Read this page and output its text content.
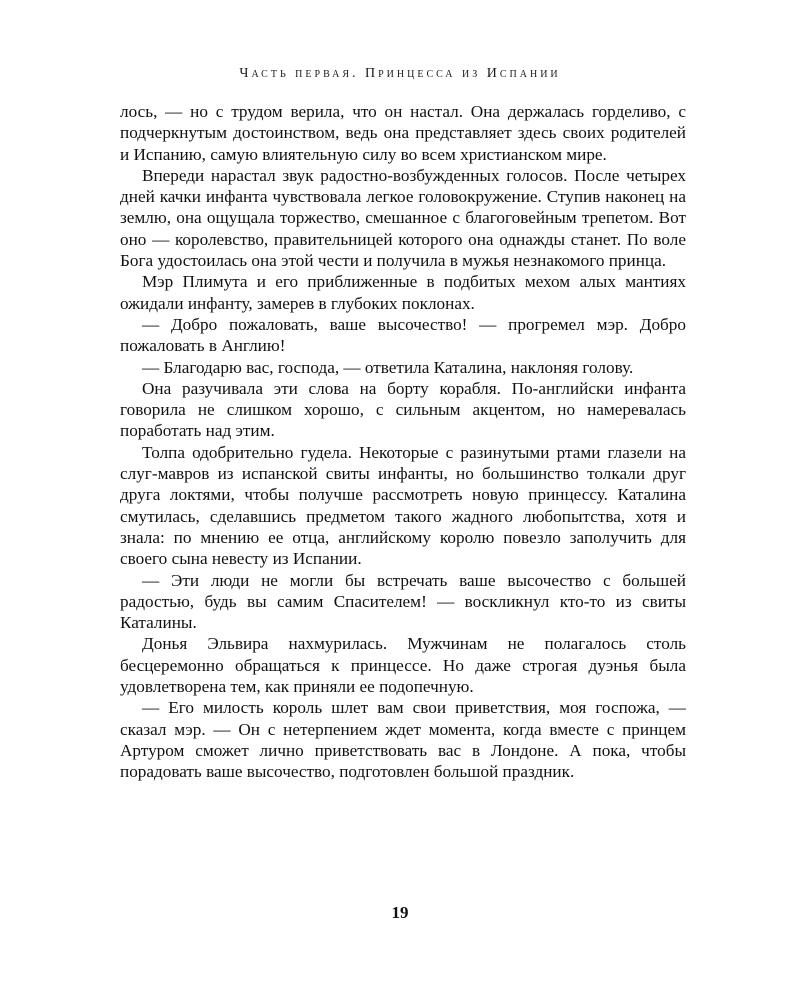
Часть первая. Принцесса из Испании

лось, — но с трудом верила, что он настал. Она держалась горделиво, с подчеркнутым достоинством, ведь она представляет здесь своих родителей и Испанию, самую влиятельную силу во всем христианском мире.

Впереди нарастал звук радостно-возбужденных голосов. После четырех дней качки инфанта чувствовала легкое головокружение. Ступив наконец на землю, она ощущала торжество, смешанное с благоговейным трепетом. Вот оно — королевство, правительницей которого она однажды станет. По воле Бога удостоилась она этой чести и получила в мужья незнакомого принца.

Мэр Плимута и его приближенные в подбитых мехом алых мантиях ожидали инфанту, замерев в глубоких поклонах.

— Добро пожаловать, ваше высочество! — прогремел мэр. Добро пожаловать в Англию!

— Благодарю вас, господа, — ответила Каталина, наклоняя голову.

Она разучивала эти слова на борту корабля. По-английски инфанта говорила не слишком хорошо, с сильным акцентом, но намеревалась поработать над этим.

Толпа одобрительно гудела. Некоторые с разинутыми ртами глазели на слуг-мавров из испанской свиты инфанты, но большинство толкали друг друга локтями, чтобы получше рассмотреть новую принцессу. Каталина смутилась, сделавшись предметом такого жадного любопытства, хотя и знала: по мнению ее отца, английскому королю повезло заполучить для своего сына невесту из Испании.

— Эти люди не могли бы встречать ваше высочество с большей радостью, будь вы самим Спасителем! — воскликнул кто-то из свиты Каталины.

Донья Эльвира нахмурилась. Мужчинам не полагалось столь бесцеремонно обращаться к принцессе. Но даже строгая дуэнья была удовлетворена тем, как приняли ее подопечную.

— Его милость король шлет вам свои приветствия, моя госпожа, — сказал мэр. — Он с нетерпением ждет момента, когда вместе с принцем Артуром сможет лично приветствовать вас в Лондоне. А пока, чтобы порадовать ваше высочество, подготовлен большой праздник.

19
